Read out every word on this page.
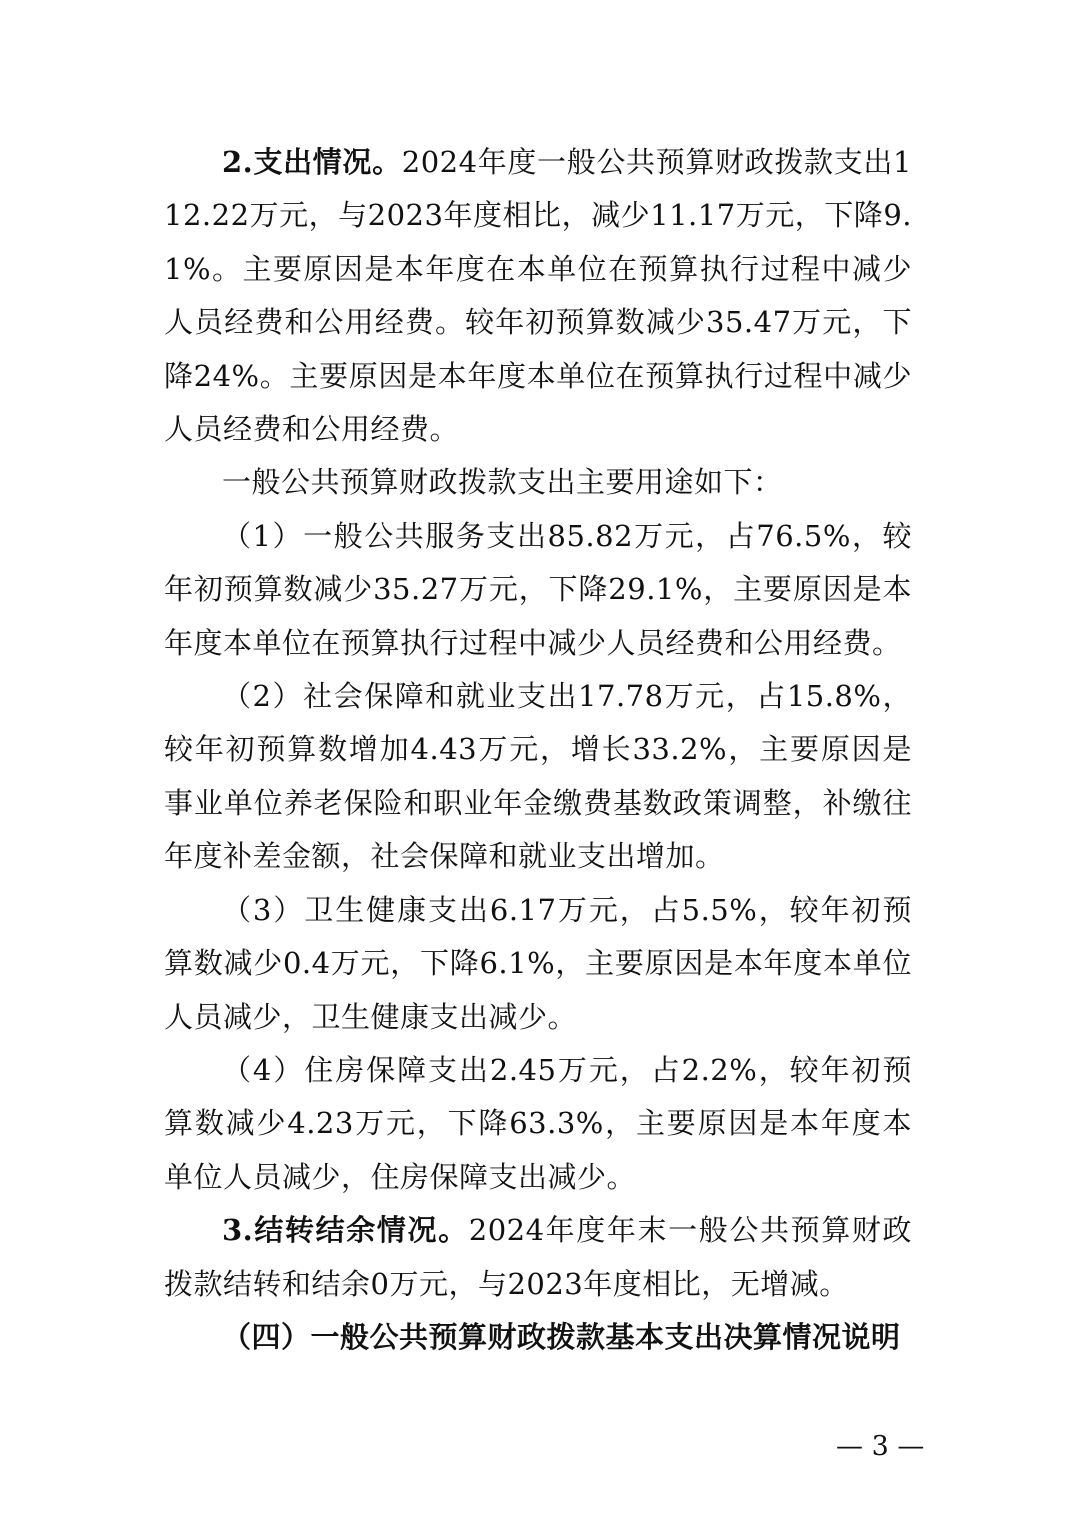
2.支出情况。2024年度一般公共预算财政拨款支出112.22万元，与2023年度相比，减少11.17万元，下降9.1%。主要原因是本年度在本单位在预算执行过程中减少人员经费和公用经费。较年初预算数减少35.47万元，下降24%。主要原因是本年度本单位在预算执行过程中减少人员经费和公用经费。

一般公共预算财政拨款支出主要用途如下：

（1）一般公共服务支出85.82万元，占76.5%，较年初预算数减少35.27万元，下降29.1%，主要原因是本年度本单位在预算执行过程中减少人员经费和公用经费。

（2）社会保障和就业支出17.78万元，占15.8%，较年初预算数增加4.43万元，增长33.2%，主要原因是事业单位养老保险和职业年金缴费基数政策调整，补缴往年度补差金额，社会保障和就业支出增加。

（3）卫生健康支出6.17万元，占5.5%，较年初预算数减少0.4万元，下降6.1%，主要原因是本年度本单位人员减少，卫生健康支出减少。

（4）住房保障支出2.45万元，占2.2%，较年初预算数减少4.23万元，下降63.3%，主要原因是本年度本单位人员减少，住房保障支出减少。

3.结转结余情况。2024年度年末一般公共预算财政拨款结转和结余0万元，与2023年度相比，无增减。

（四）一般公共预算财政拨款基本支出决算情况说明

— 3 —
